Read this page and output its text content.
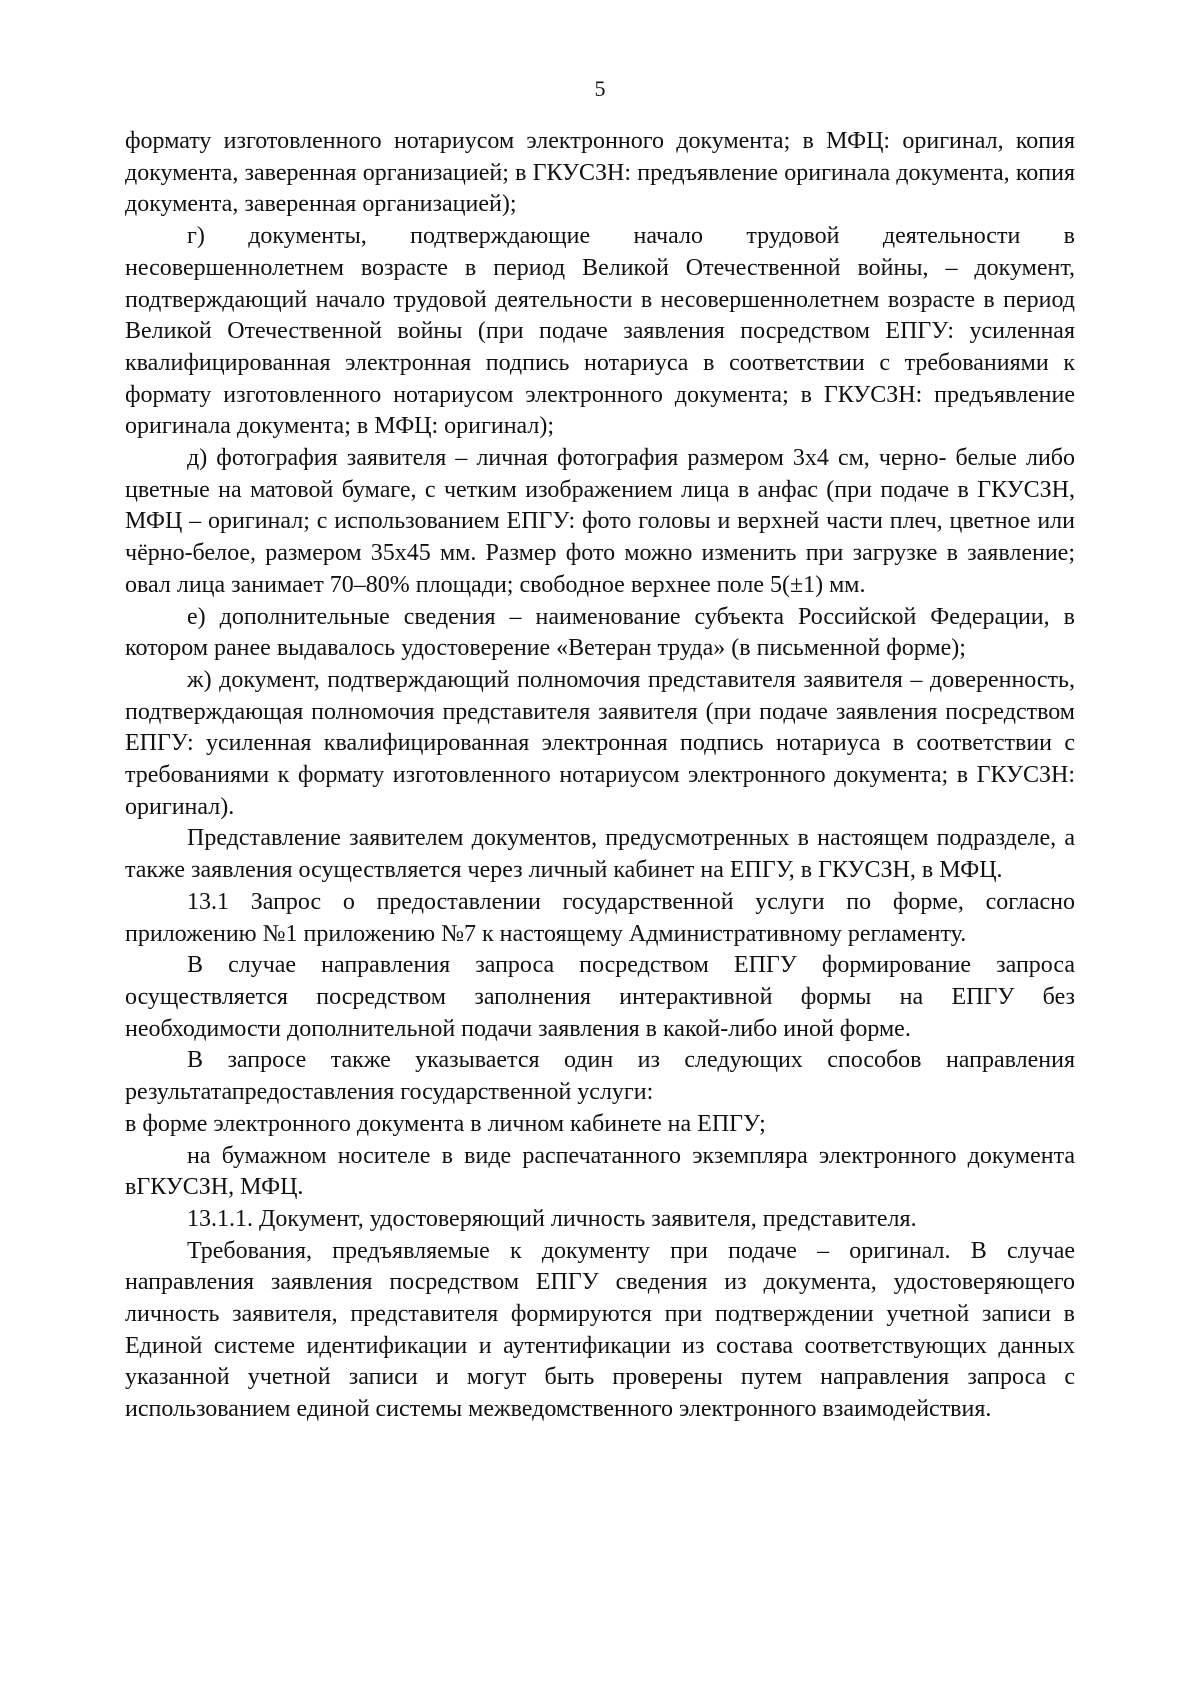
5

формату изготовленного нотариусом электронного документа; в МФЦ: оригинал, копия документа, заверенная организацией; в ГКУСЗН: предъявление оригинала документа, копия документа, заверенная организацией);

г) документы, подтверждающие начало трудовой деятельности в несовершеннолетнем возрасте в период Великой Отечественной войны, – документ, подтверждающий начало трудовой деятельности в несовершеннолетнем возрасте в период Великой Отечественной войны (при подаче заявления посредством ЕПГУ: усиленная квалифицированная электронная подпись нотариуса в соответствии с требованиями к формату изготовленного нотариусом электронного документа; в ГКУСЗН: предъявление оригинала документа; в МФЦ: оригинал);

д) фотография заявителя – личная фотография размером 3х4 см, черно- белые либо цветные на матовой бумаге, с четким изображением лица в анфас (при подаче в ГКУСЗН, МФЦ – оригинал; с использованием ЕПГУ: фото головы и верхней части плеч, цветное или чёрно-белое, размером 35х45 мм. Размер фото можно изменить при загрузке в заявление; овал лица занимает 70–80% площади; свободное верхнее поле 5(±1) мм.

е) дополнительные сведения – наименование субъекта Российской Федерации, в котором ранее выдавалось удостоверение «Ветеран труда» (в письменной форме);

ж) документ, подтверждающий полномочия представителя заявителя – доверенность, подтверждающая полномочия представителя заявителя (при подаче заявления посредством ЕПГУ: усиленная квалифицированная электронная подпись нотариуса в соответствии с требованиями к формату изготовленного нотариусом электронного документа; в ГКУСЗН: оригинал).

Представление заявителем документов, предусмотренных в настоящем подразделе, а также заявления осуществляется через личный кабинет на ЕПГУ, в ГКУСЗН, в МФЦ.

13.1 Запрос о предоставлении государственной услуги по форме, согласно приложению №1 приложению №7 к настоящему Административному регламенту.

В случае направления запроса посредством ЕПГУ формирование запроса осуществляется посредством заполнения интерактивной формы на ЕПГУ без необходимости дополнительной подачи заявления в какой-либо иной форме.

В запросе также указывается один из следующих способов направления результатапредоставления государственной услуги:

в форме электронного документа в личном кабинете на ЕПГУ;

на бумажном носителе в виде распечатанного экземпляра электронного документа вГКУСЗН, МФЦ.

13.1.1. Документ, удостоверяющий личность заявителя, представителя.

Требования, предъявляемые к документу при подаче – оригинал. В случае направления заявления посредством ЕПГУ сведения из документа, удостоверяющего личность заявителя, представителя формируются при подтверждении учетной записи в Единой системе идентификации и аутентификации из состава соответствующих данных указанной учетной записи и могут быть проверены путем направления запроса с использованием единой системы межведомственного электронного взаимодействия.
